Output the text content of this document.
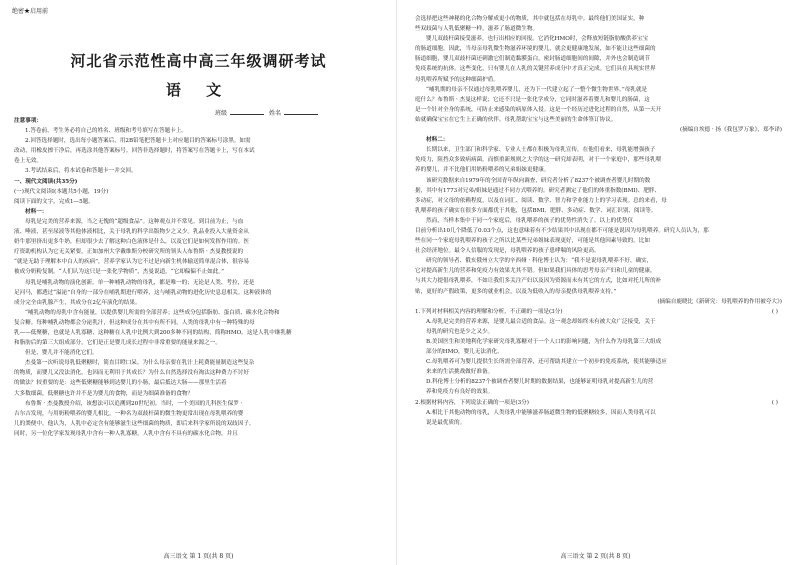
绝密★启用前
河北省示范性高中高三年级调研考试
语 文
班级	姓名

注意事项：

1.答卷前，考生务必将自己的姓名、班级和考号填写在答题卡上。

2.回答选择题时，选出每小题答案后，用2B铅笔把答题卡上对应题目的答案标号涂黑。如需

改动，用橡皮擦干净后，再选涂其他答案标号。回答非选择题时，将答案写在答题卡上，写在本试

卷上无效。

3.考试结束后，将本试卷和答题卡一并交回。

一、现代文阅读(共35分)

(一)现代文阅读Ⅰ(本题共5小题，19分)

阅读下面的文字，完成1—5题。

材料一：

母乳是完美的营养来源，当之无愧的“超级食品”。这种观点并不常见。到目前为止，与血

液、唾液，甚至尿液等其他体液相比，关于母乳的科学出版物少之又少。乳品业投入大量资金从

奶牛那里挤出更多牛奶，但却很少去了解这种白色液体是什么，以及它们是如何发挥作用的。医

疗资助机构认为它无关紧要，正如加州大学戴维斯分校研究所的领头人布鲁斯 · 杰曼教授说的

“就是无助于理解本中白人的疾病”，营养学家认为它不过是向新生机体输送简单混合体，很容易

被成分奶粉复制。“人们认为这只是一张化学物质”，杰曼说道，“它却偏偏不止如此。”

母乳是哺乳动物的演化创新。单一种哺乳动物的母乳，都是唯一的；无论是人类、考拉，还是

足河马，都透过“溢泌”自身的一部分在哺乳期进行喂养，这与哺乳动物的进化历史息息相关。这种液体的

成分完全由乳腺产生，其成分在2亿年演化的结果。

“哺乳动物的母乳中含有能量，以提供婴儿所需的全部营养；这些成分包括脂肪、蛋白质、碳水化合物和

复合糖。每种哺乳动物都会分泌乳汁，但这种成分在其中有所不同。人类的母乳中有一种特殊的母

乳——低聚糖，也就是人乳寡糖，这种糖在人乳中比例大到200多种不同的结构，简称HMO。这是人乳中继乳糖

和脂肪后的第三大组成部分，它们是正是婴儿成长过程中非常重要的能量来源之一。

但是，婴儿并不能消化它们。

杰曼第一次听说母乳低聚糖时，简直目瞪口呆。为什么母亲要在乳汁上耗费能量制造这些复杂

的物质，而婴儿又没法消化，也因而无利用于其成长？为什么自然选择没有淘汰这种费力不讨好

的做法？较重要的是：这些低聚糖能够到达婴儿的小肠，最后抵达大肠——那里生活着

大多数细菌，低聚糖也许并不是为婴儿的食物，而是为细菌准备的食物？

布鲁斯 · 杰曼教授介绍，该想法可以追溯到20世纪初。当时，一个美国的儿科医生保罗 ·

吉尔吉发现，与用奶粉喂养的婴儿相比，一种名为双歧杆菌的微生物更常出现在母乳喂养的婴

儿的粪便中。他认为，人乳中必定含有能够滋生这些细菌的物质，即后来科学家所说的双歧因子。

同时，另一位化学家发现母乳中含有一种人乳寡糖，人乳中含有不具有的碳水化合物，并且

高三语文 第 1 页(共 8 页)

会选择把这些神秘的化合物分解成更小的物质，其中就包括在母乳中。最终他们美国证实，种

些双歧菌与人乳低聚糖一样，滋养了肠道微生物。

婴儿双歧杆菌接受滋养，也行出相应的回报。它消化HMO时，会释放短链脂肪酸供养宝宝

的肠道细胞。因此，当母亲母乳微生物滋养环境的婴儿，就会更健康地发展，如不能让这些细菌的

肠道细胞，婴儿双歧杆菌还刺激它们制造黏膜蛋白，密封肠道细胞间的间隙，并外也会制造调节

免疫系统的抗体。这些变化，只有婴儿在人乳的关键营养成分中才真正完成。它们具在具现实世界

母乳喂养所赋予的这种细菌护盾。

“哺乳期的母亲不仅通过母乳喂养婴儿，还为下一代建立起了一整个微生物世界。”母乳就是

庭什么？布鲁斯 · 杰曼这样说；它还不只是一张化学成分，它同时滋养着婴儿和婴儿的肠菌，这

是一个针对全身的系统，可防止来感染的病原体入侵。这是一个经历过进化过程的自然，从第一天开

始就确保宝宝在它生上正确的伙伴。母乳帮助宝宝与这些美丽的生命体签订协议。

(摘编自埃德 · 扬《我包罗万象》，郑李译)

材料二：

长期以来，卫生部门和科学家、专业人士都在积极为母乳宣传，在他们看来，母乳能增强孩子

免疫力，阻挡众多致病病菌。而慎重新规则之大学的这一研究却表明，对于一个家庭中，那些母乳喂

养的婴儿，并不比他们用奶粉喂养的兄弟姐妹更健康。

该研究数据来自1979年的全国青年纵向调查，研究者分析了8237个被调查者婴儿时期的数

据，其中有1773对兄弟/姐妹是通过不同方式喂养的。研究者测定了他们的体重指数(BMI)、肥胖、

多动症，对父母的依赖程度，以及在词汇、阅读、数学、智力和学业能力上的学习表现。总的来看，母

乳喂养的孩子确实在很多方面都优于其他，包括BMI、肥胖、多动症、数学、词汇识别、阅读等。

然而，当样本集中于同一个家庭后，母乳喂养的孩子的优势性消失了。以上的优势仅

目前分析出10几个降低了0.03个点，这也意味着有不少结果其中出现在都不可能是说因为母乳喂养。研究人员认为，那

些在同一个家庭母乳喂养的孩子之所以比某些兄弟姐妹表现更好，可能是其他因素导致的，比如

社会经济地位。最令人信服的发现是，母乳喂养的孩子患哮喘的风险更高。

研究的领导者、俄亥俄州立大学的辛西娅 · 科伦博士认为：“我不是说母乳喂养不好，确实，

它对提高新生儿的营养和免疫力有效果尤其不错。但如果我们具体的思考母亲产妇和儿童的健康，

与其大力提倡母乳喂养，不如让我们多关注产妇以及因为资源而未有其它的方式，比如对托儿所的补

贴，更好的产假政策，更多的就业机会，以及为低收入的母亲提供母乳喂养支持。”

(摘编自鹿晓比《新研究：母乳喂养的作用被夸大》)

( )
1.下列对材料相关内容的理解和分析，不正确的一项是(3分)

A.母乳是完美的营养来源，是婴儿最合适的食品。这一观念却始终未有被大众广泛接受，关于

母乳的研究也是少之又少。

B.美国医生和美地利化学家研究母乳寡糖对于一个人口的影响问题，为什么作为母乳第三大组成

部分的HMO，婴儿无法消化。

C.母乳喂养可为婴儿提供生长所需全部营养，还可帮助其建立一个初步的免疫系统，使其能够适应

来来的生活挑战做好准备。

D.科伦博士分析的8237个被调查者婴儿时期的数据结果，也能够证明母乳对提高新生儿的营

养和免疫力有良好的效果。

( )
2.根据材料内容，下列说法正确的一项是(3分)

A.相比于其他动物的母乳，人类母乳中能够滋养肠道微生物的低聚糖较多，因而人类母乳可以

说是最优质的。

高三语文 第 2 页(共 8 页)
